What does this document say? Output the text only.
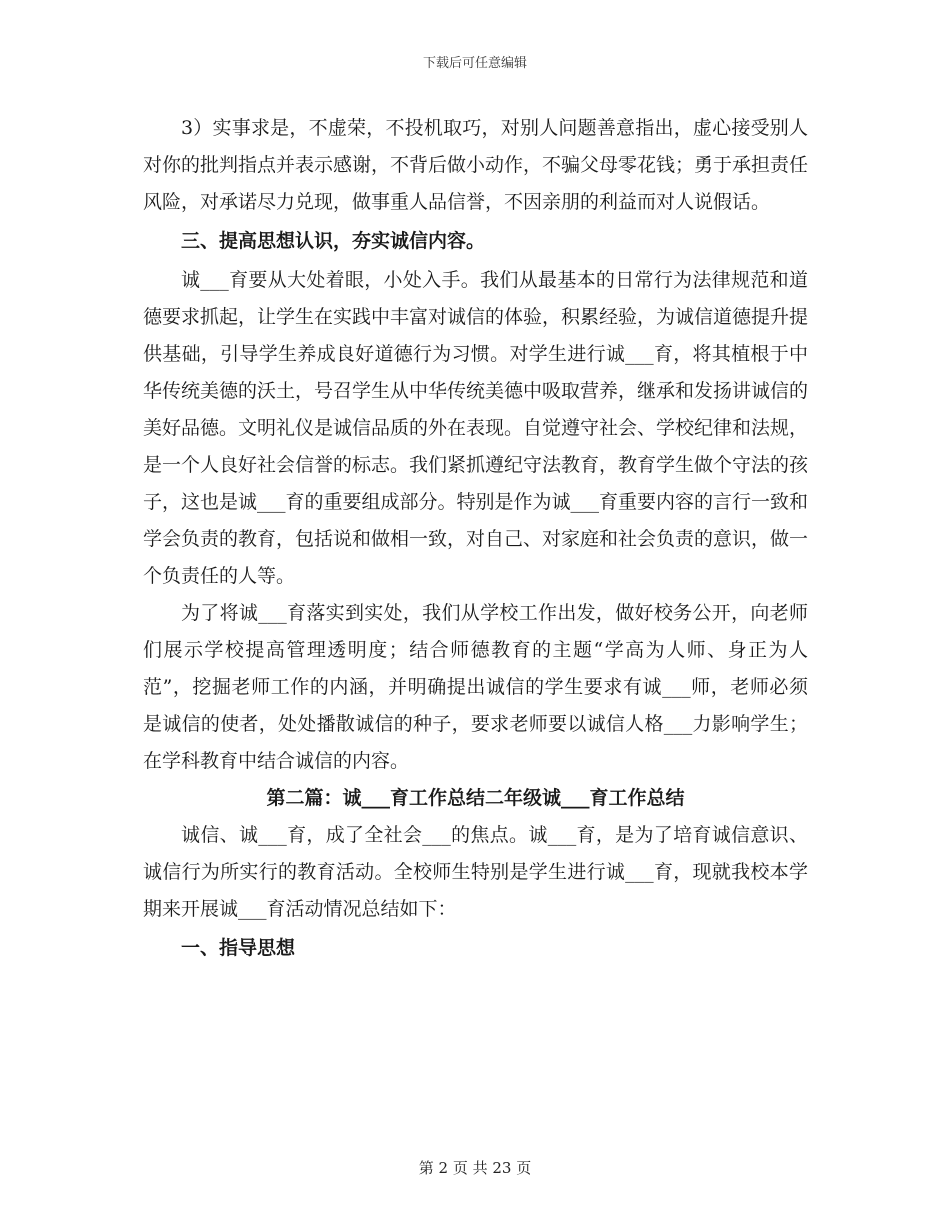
下载后可任意编辑

3）实事求是，不虚荣，不投机取巧，对别人问题善意指出，虚心接受别人对你的批判指点并表示感谢，不背后做小动作，不骗父母零花钱；勇于承担责任风险，对承诺尽力兑现，做事重人品信誉，不因亲朋的利益而对人说假话。

三、提高思想认识，夯实诚信内容。

诚___育要从大处着眼，小处入手。我们从最基本的日常行为法律规范和道德要求抓起，让学生在实践中丰富对诚信的体验，积累经验，为诚信道德提升提供基础，引导学生养成良好道德行为习惯。对学生进行诚___育，将其植根于中华传统美德的沃土，号召学生从中华传统美德中吸取营养，继承和发扬讲诚信的美好品德。文明礼仪是诚信品质的外在表现。自觉遵守社会、学校纪律和法规，是一个人良好社会信誉的标志。我们紧抓遵纪守法教育，教育学生做个守法的孩子，这也是诚___育的重要组成部分。特别是作为诚___育重要内容的言行一致和学会负责的教育，包括说和做相一致，对自己、对家庭和社会负责的意识，做一个负责任的人等。

为了将诚___育落实到实处，我们从学校工作出发，做好校务公开，向老师们展示学校提高管理透明度；结合师德教育的主题“学高为人师、身正为人范”，挖掘老师工作的内涵，并明确提出诚信的学生要求有诚___师，老师必须是诚信的使者，处处播散诚信的种子，要求老师要以诚信人格___力影响学生；在学科教育中结合诚信的内容。

第二篇：诚___育工作总结二年级诚___育工作总结

诚信、诚___育，成了全社会___的焦点。诚___育，是为了培育诚信意识、诚信行为所实行的教育活动。全校师生特别是学生进行诚___育，现就我校本学期来开展诚___育活动情况总结如下：

一、指导思想

第 2 页 共 23 页
